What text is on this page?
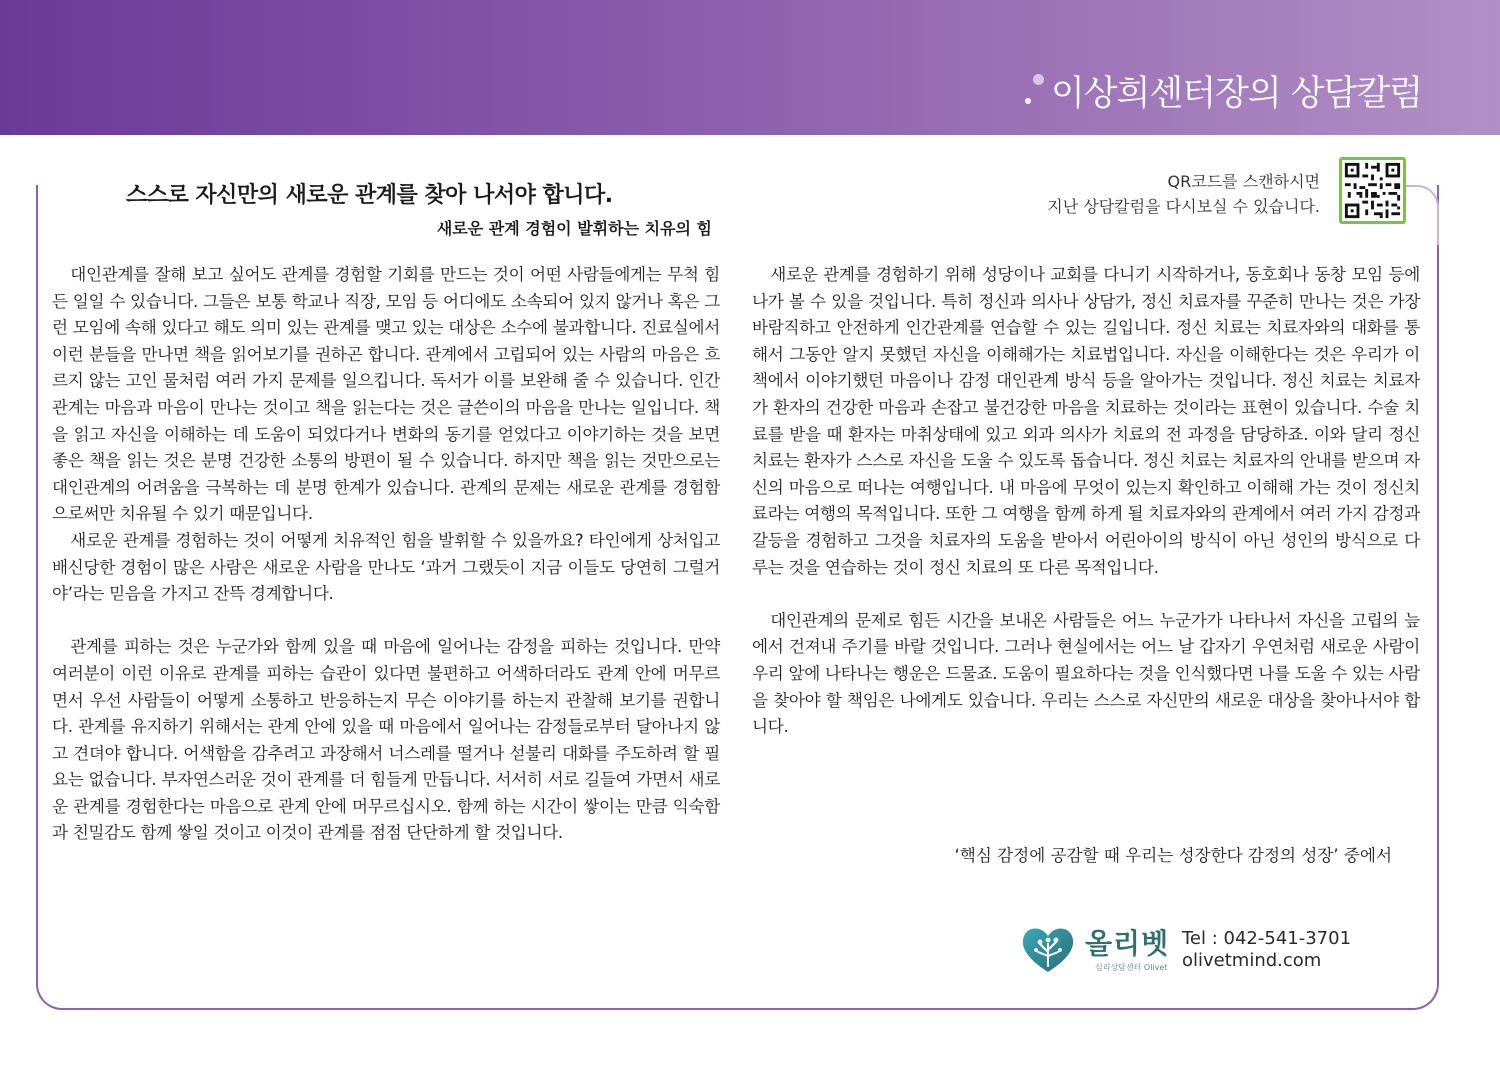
이상희센터장의 상담칼럼
스스로 자신만의 새로운 관계를 찾아 나서야 합니다.
새로운 관계 경험이 발휘하는 치유의 힘
QR코드를 스캔하시면
지난 상담칼럼을 다시보실 수 있습니다.

대인관계를 잘해 보고 싶어도 관계를 경험할 기회를 만드는 것이 어떤 사람들에게는 무척 힘든 일일 수 있습니다. 그들은 보통 학교나 직장, 모임 등 어디에도 소속되어 있지 않거나 혹은 그런 모임에 속해 있다고 해도 의미 있는 관계를 맺고 있는 대상은 소수에 불과합니다. 진료실에서 이런 분들을 만나면 책을 읽어보기를 권하곤 합니다. 관계에서 고립되어 있는 사람의 마음은 흐르지 않는 고인 물처럼 여러 가지 문제를 일으킵니다. 독서가 이를 보완해 줄 수 있습니다. 인간관계는 마음과 마음이 만나는 것이고 책을 읽는다는 것은 글쓴이의 마음을 만나는 일입니다. 책을 읽고 자신을 이해하는 데 도움이 되었다거나 변화의 동기를 얻었다고 이야기하는 것을 보면 좋은 책을 읽는 것은 분명 건강한 소통의 방편이 될 수 있습니다. 하지만 책을 읽는 것만으로는 대인관계의 어려움을 극복하는 데 분명 한계가 있습니다. 관계의 문제는 새로운 관계를 경험함으로써만 치유될 수 있기 때문입니다.

새로운 관계를 경험하는 것이 어떻게 치유적인 힘을 발휘할 수 있을까요? 타인에게 상처입고 배신당한 경험이 많은 사람은 새로운 사람을 만나도 ‘과거 그랬듯이 지금 이들도 당연히 그럴거야’라는 믿음을 가지고 잔뜩 경계합니다.

관계를 피하는 것은 누군가와 함께 있을 때 마음에 일어나는 감정을 피하는 것입니다. 만약 여러분이 이런 이유로 관계를 피하는 습관이 있다면 불편하고 어색하더라도 관계 안에 머무르면서 우선 사람들이 어떻게 소통하고 반응하는지 무슨 이야기를 하는지 관찰해 보기를 권합니다. 관계를 유지하기 위해서는 관계 안에 있을 때 마음에서 일어나는 감정들로부터 달아나지 않고 견뎌야 합니다. 어색함을 감추려고 과장해서 너스레를 떨거나 섣불리 대화를 주도하려 할 필요는 없습니다. 부자연스러운 것이 관계를 더 힘들게 만듭니다. 서서히 서로 길들여 가면서 새로운 관계를 경험한다는 마음으로 관계 안에 머무르십시오. 함께 하는 시간이 쌓이는 만큼 익숙함과 친밀감도 함께 쌓일 것이고 이것이 관계를 점점 단단하게 할 것입니다.

새로운 관계를 경험하기 위해 성당이나 교회를 다니기 시작하거나, 동호회나 동창 모임 등에 나가 볼 수 있을 것입니다. 특히 정신과 의사나 상담가, 정신 치료자를 꾸준히 만나는 것은 가장 바람직하고 안전하게 인간관계를 연습할 수 있는 길입니다. 정신 치료는 치료자와의 대화를 통해서 그동안 알지 못했던 자신을 이해해가는 치료법입니다. 자신을 이해한다는 것은 우리가 이 책에서 이야기했던 마음이나 감정 대인관계 방식 등을 알아가는 것입니다. 정신 치료는 치료자가 환자의 건강한 마음과 손잡고 불건강한 마음을 치료하는 것이라는 표현이 있습니다. 수술 치료를 받을 때 환자는 마취상태에 있고 외과 의사가 치료의 전 과정을 담당하죠. 이와 달리 정신 치료는 환자가 스스로 자신을 도울 수 있도록 돕습니다. 정신 치료는 치료자의 안내를 받으며 자신의 마음으로 떠나는 여행입니다. 내 마음에 무엇이 있는지 확인하고 이해해 가는 것이 정신치료라는 여행의 목적입니다. 또한 그 여행을 함께 하게 될 치료자와의 관계에서 여러 가지 감정과 갈등을 경험하고 그것을 치료자의 도움을 받아서 어린아이의 방식이 아닌 성인의 방식으로 다루는 것을 연습하는 것이 정신 치료의 또 다른 목적입니다.

대인관계의 문제로 힘든 시간을 보내온 사람들은 어느 누군가가 나타나서 자신을 고립의 늪에서 건져내 주기를 바랄 것입니다. 그러나 현실에서는 어느 날 갑자기 우연처럼 새로운 사람이 우리 앞에 나타나는 행운은 드물죠. 도움이 필요하다는 것을 인식했다면 나를 도울 수 있는 사람을 찾아야 할 책임은 나에게도 있습니다. 우리는 스스로 자신만의 새로운 대상을 찾아나서야 합니다.

‘핵심 감정에 공감할 때 우리는 성장한다 감정의 성장’ 중에서
올리벳
심리상담센터 Olivet
Tel : 042-541-3701
olivetmind.com
